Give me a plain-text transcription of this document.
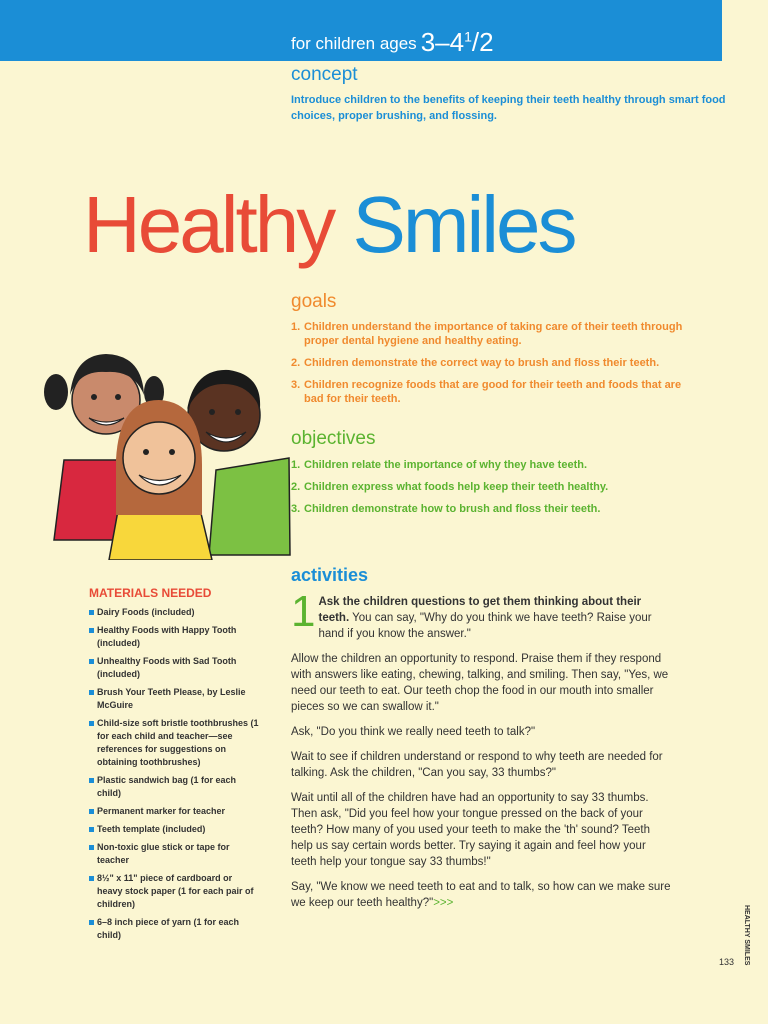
for children ages $3-4^1/2$
concept
Introduce children to the benefits of keeping their teeth healthy through smart food choices, proper brushing, and flossing.
Healthy Smiles
goals
1. Children understand the importance of taking care of their teeth through proper dental hygiene and healthy eating.
2. Children demonstrate the correct way to brush and floss their teeth.
3. Children recognize foods that are good for their teeth and foods that are bad for their teeth.
objectives
1. Children relate the importance of why they have teeth.
2. Children express what foods help keep their teeth healthy.
3. Children demonstrate how to brush and floss their teeth.
MATERIALS NEEDED
Dairy Foods (included)
Healthy Foods with Happy Tooth (included)
Unhealthy Foods with Sad Tooth (included)
Brush Your Teeth Please, by Leslie McGuire
Child-size soft bristle toothbrushes (1 for each child and teacher—see references for suggestions on obtaining toothbrushes)
Plastic sandwich bag (1 for each child)
Permanent marker for teacher
Teeth template (included)
Non-toxic glue stick or tape for teacher
8½" x 11" piece of cardboard or heavy stock paper (1 for each pair of children)
6–8 inch piece of yarn (1 for each child)
activities

1 Ask the children questions to get them thinking about their teeth. You can say, "Why do you think we have teeth? Raise your hand if you know the answer."

Allow the children an opportunity to respond. Praise them if they respond with answers like eating, chewing, talking, and smiling. Then say, "Yes, we need our teeth to eat. Our teeth chop the food in our mouth into smaller pieces so we can swallow it."

Ask, "Do you think we really need teeth to talk?"

Wait to see if children understand or respond to why teeth are needed for talking. Ask the children, "Can you say, 33 thumbs?"

Wait until all of the children have had an opportunity to say 33 thumbs. Then ask, "Did you feel how your tongue pressed on the back of your teeth? How many of you used your teeth to make the 'th' sound? Teeth help us say certain words better. Try saying it again and feel how your teeth help your tongue say 33 thumbs!"

Say, "We know we need teeth to eat and to talk, so how can we make sure we keep our teeth healthy?">>>

HEALTHY SMILES
133
